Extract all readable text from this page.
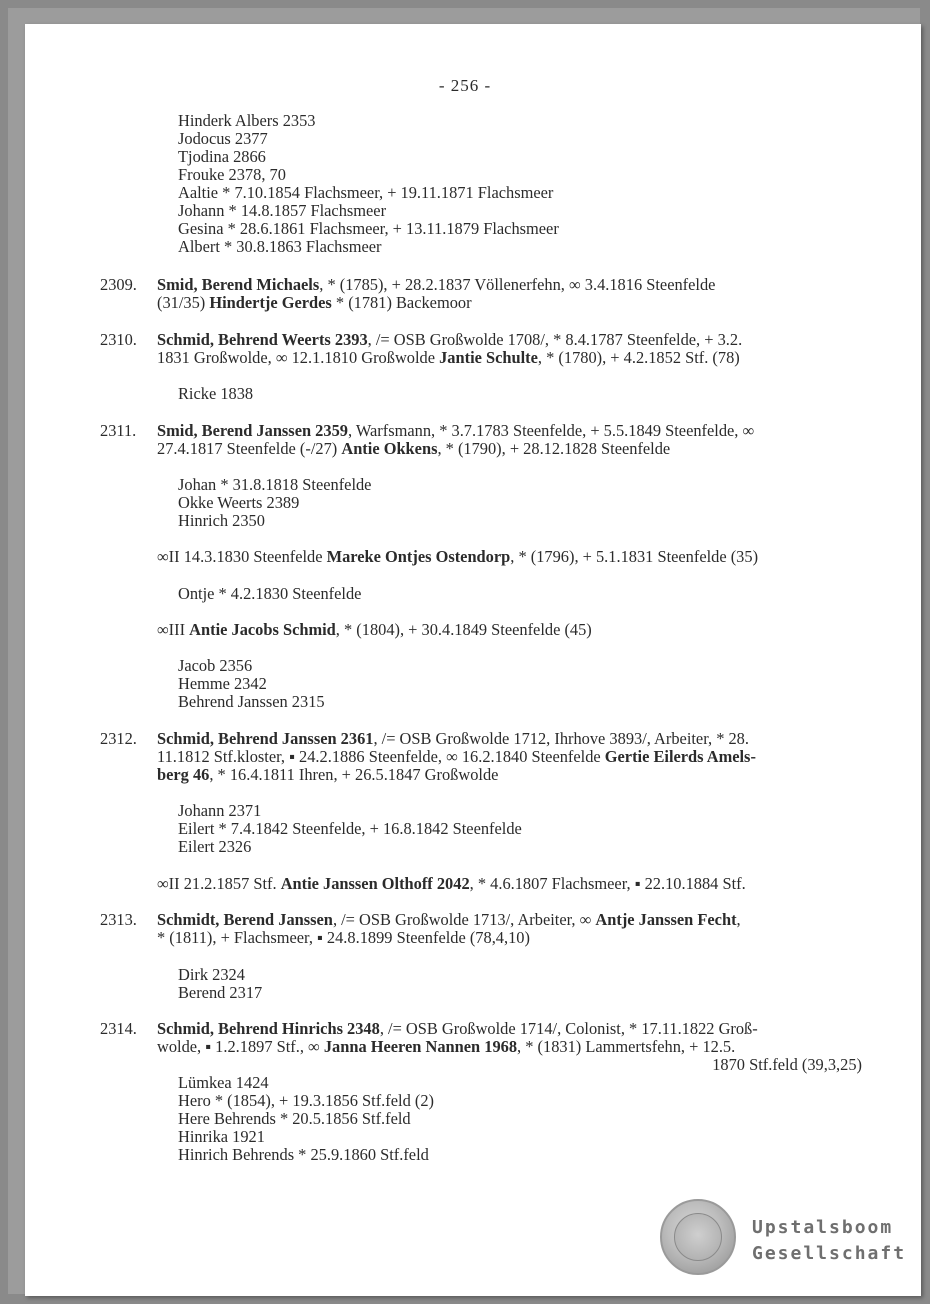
- 256 -
Hinderk Albers 2353
Jodocus 2377
Tjodina 2866
Frouke 2378, 70
Aaltie * 7.10.1854 Flachsmeer, + 19.11.1871 Flachsmeer
Johann * 14.8.1857 Flachsmeer
Gesina * 28.6.1861 Flachsmeer, + 13.11.1879 Flachsmeer
Albert * 30.8.1863 Flachsmeer
2309. Smid, Berend Michaels, * (1785), + 28.2.1837 Völlenerfehn, ∞ 3.4.1816 Steenfelde
(31/35) Hindertje Gerdes * (1781) Backemoor
2310. Schmid, Behrend Weerts 2393, /= OSB Großwolde 1708/, * 8.4.1787 Steenfelde, + 3.2.
1831 Großwolde, ∞ 12.1.1810 Großwolde Jantie Schulte, * (1780), + 4.2.1852 Stf. (78)
Ricke 1838
2311. Smid, Berend Janssen 2359, Warfsmann, * 3.7.1783 Steenfelde, + 5.5.1849 Steenfelde, ∞
27.4.1817 Steenfelde (-/27) Antie Okkens, * (1790), + 28.12.1828 Steenfelde
Johan * 31.8.1818 Steenfelde
Okke Weerts 2389
Hinrich 2350
∞II 14.3.1830 Steenfelde Mareke Ontjes Ostendorp, * (1796), + 5.1.1831 Steenfelde (35)
Ontje * 4.2.1830 Steenfelde
∞III Antie Jacobs Schmid, * (1804), + 30.4.1849 Steenfelde (45)
Jacob 2356
Hemme 2342
Behrend Janssen 2315
2312. Schmid, Behrend Janssen 2361, /= OSB Großwolde 1712, Ihrhove 3893/, Arbeiter, * 28.
11.1812 Stf.kloster, ▪ 24.2.1886 Steenfelde, ∞ 16.2.1840 Steenfelde Gertie Eilerds Amels-
berg 46, * 16.4.1811 Ihren, + 26.5.1847 Großwolde
Johann 2371
Eilert * 7.4.1842 Steenfelde, + 16.8.1842 Steenfelde
Eilert 2326
∞II 21.2.1857 Stf. Antie Janssen Olthoff 2042, * 4.6.1807 Flachsmeer, ▪ 22.10.1884 Stf.
2313. Schmidt, Berend Janssen, /= OSB Großwolde 1713/, Arbeiter, ∞ Antje Janssen Fecht,
* (1811), + Flachsmeer, ▪ 24.8.1899 Steenfelde (78,4,10)
Dirk 2324
Berend 2317
2314. Schmid, Behrend Hinrichs 2348, /= OSB Großwolde 1714/, Colonist, * 17.11.1822 Groß-
wolde, ▪ 1.2.1897 Stf., ∞ Janna Heeren Nannen 1968, * (1831) Lammertsfehn, + 12.5.
1870 Stf.feld (39,3,25)
Lümkea 1424
Hero * (1854), + 19.3.1856 Stf.feld (2)
Here Behrends * 20.5.1856 Stf.feld
Hinrika 1921
Hinrich Behrends * 25.9.1860 Stf.feld
Upstalsboom
Gesellschaft
